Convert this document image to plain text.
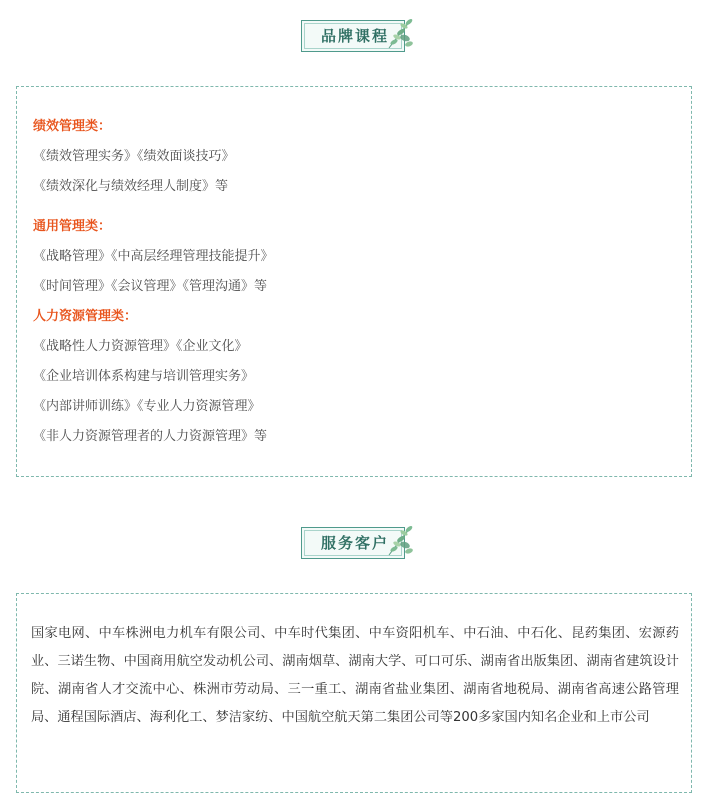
品牌课程
绩效管理类：
《绩效管理实务》《绩效面谈技巧》
《绩效深化与绩效经理人制度》等
通用管理类：
《战略管理》《中高层经理管理技能提升》
《时间管理》《会议管理》《管理沟通》等
人力资源管理类：
《战略性人力资源管理》《企业文化》
《企业培训体系构建与培训管理实务》
《内部讲师训练》《专业人力资源管理》
《非人力资源管理者的人力资源管理》等
服务客户
国家电网、中车株洲电力机车有限公司、中车时代集团、中车资阳机车、中石油、中石化、昆药集团、宏源药业、三诺生物、中国商用航空发动机公司、湖南烟草、湖南大学、可口可乐、湖南省出版集团、湖南省建筑设计院、湖南省人才交流中心、株洲市劳动局、三一重工、湖南省盐业集团、湖南省地税局、湖南省高速公路管理局、通程国际酒店、海利化工、梦洁家纺、中国航空航天第二集团公司等200多家国内知名企业和上市公司
